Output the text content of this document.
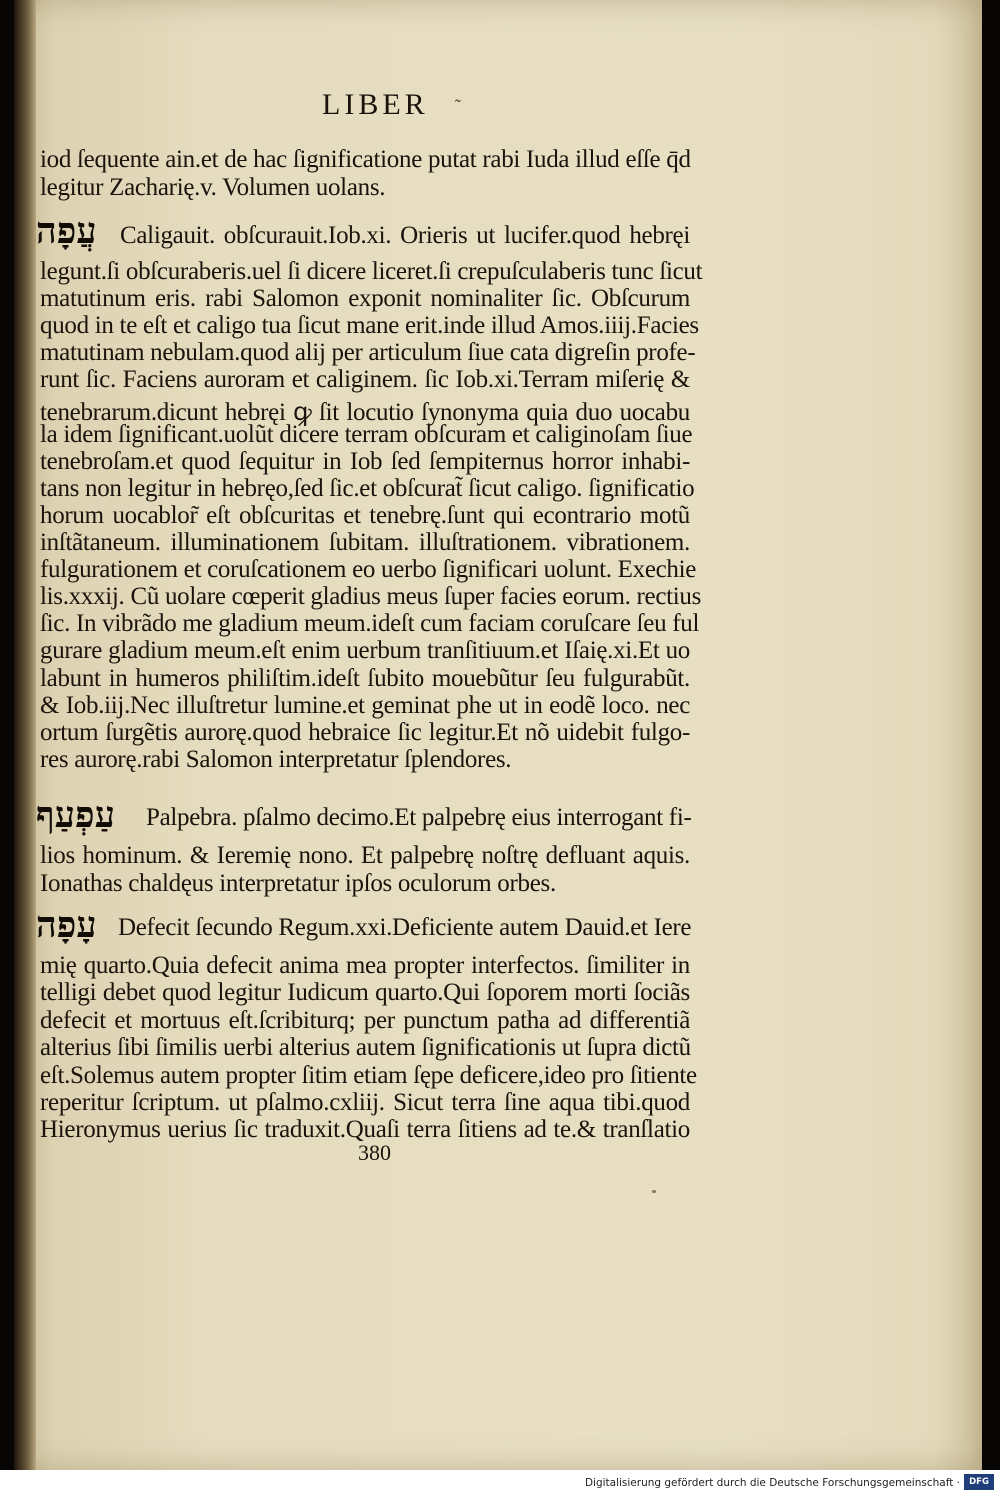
LIBER ˜
iod ſequente ain.et de hac ſignificatione putat rabi Iuda illud eſſe q̄d
legitur Zacharię.v. Volumen uolans.
עֲפָה Caligauit. obſcurauit.Iob.xi. Orieris ut lucifer.quod hebręi
legunt.ſi obſcuraberis.uel ſi dicere liceret.ſi crepuſculaberis tunc ſicut
matutinum eris. rabi Salomon exponit nominaliter ſic. Obſcurum
quod in te eſt et caligo tua ſicut mane erit.inde illud Amos.iiij.Facies
matutinam nebulam.quod alij per articulum ſiue cata digreſin profe-
runt ſic. Faciens auroram et caliginem. ſic Iob.xi.Terram miſerię &
tenebrarum.dicunt hebręi ꝙ ſit locutio ſynonyma quia duo uocabu
la idem ſignificant.uolũt dicere terram obſcuram et caliginoſam ſiue
tenebroſam.et quod ſequitur in Iob ſed ſempiternus horror inhabi-
tans non legitur in hebręo,ſed ſic.et obſcurat̃ ſicut caligo. ſignificatio
horum uocablor̃ eſt obſcuritas et tenebrę.ſunt qui econtrario motũ
inſtãtaneum. illuminationem ſubitam. illuſtrationem. vibrationem.
fulgurationem et coruſcationem eo uerbo ſignificari uolunt. Exechie
lis.xxxij. Cũ uolare cœperit gladius meus ſuper facies eorum. rectius
ſic. In vibrãdo me gladium meum.ideſt cum faciam coruſcare ſeu ful
gurare gladium meum.eſt enim uerbum tranſitiuum.et Iſaię.xi.Et uo
labunt in humeros philiſtim.ideſt ſubito mouebũtur ſeu fulgurabũt.
& Iob.iij.Nec illuſtretur lumine.et geminat phe ut in eodẽ loco. nec
ortum ſurgẽtis aurorę.quod hebraice ſic legitur.Et nõ uidebit fulgo-
res aurorę.rabi Salomon interpretatur ſplendores.
עַפְעַף Palpebra. pſalmo decimo.Et palpebrę eius interrogant fi-
lios hominum. & Ieremię nono. Et palpebrę noſtrę defluant aquis.
Ionathas chaldęus interpretatur ipſos oculorum orbes.
עָפָה Defecit ſecundo Regum.xxi.Deficiente autem Dauid.et Iere
mię quarto.Quia defecit anima mea propter interfectos. ſimiliter in
telligi debet quod legitur Iudicum quarto.Qui ſoporem morti ſociãs
defecit et mortuus eſt.ſcribiturq; per punctum patha ad differentiã
alterius ſibi ſimilis uerbi alterius autem ſignificationis ut ſupra dictũ
eſt.Solemus autem propter ſitim etiam ſępe deficere,ideo pro ſitiente
reperitur ſcriptum. ut pſalmo.cxliij. Sicut terra ſine aqua tibi.quod
Hieronymus uerius ſic traduxit.Quaſi terra ſitiens ad te.& tranſlatio
380
Digitalisierung gefördert durch die Deutsche Forschungsgemeinschaft ·	DFG
